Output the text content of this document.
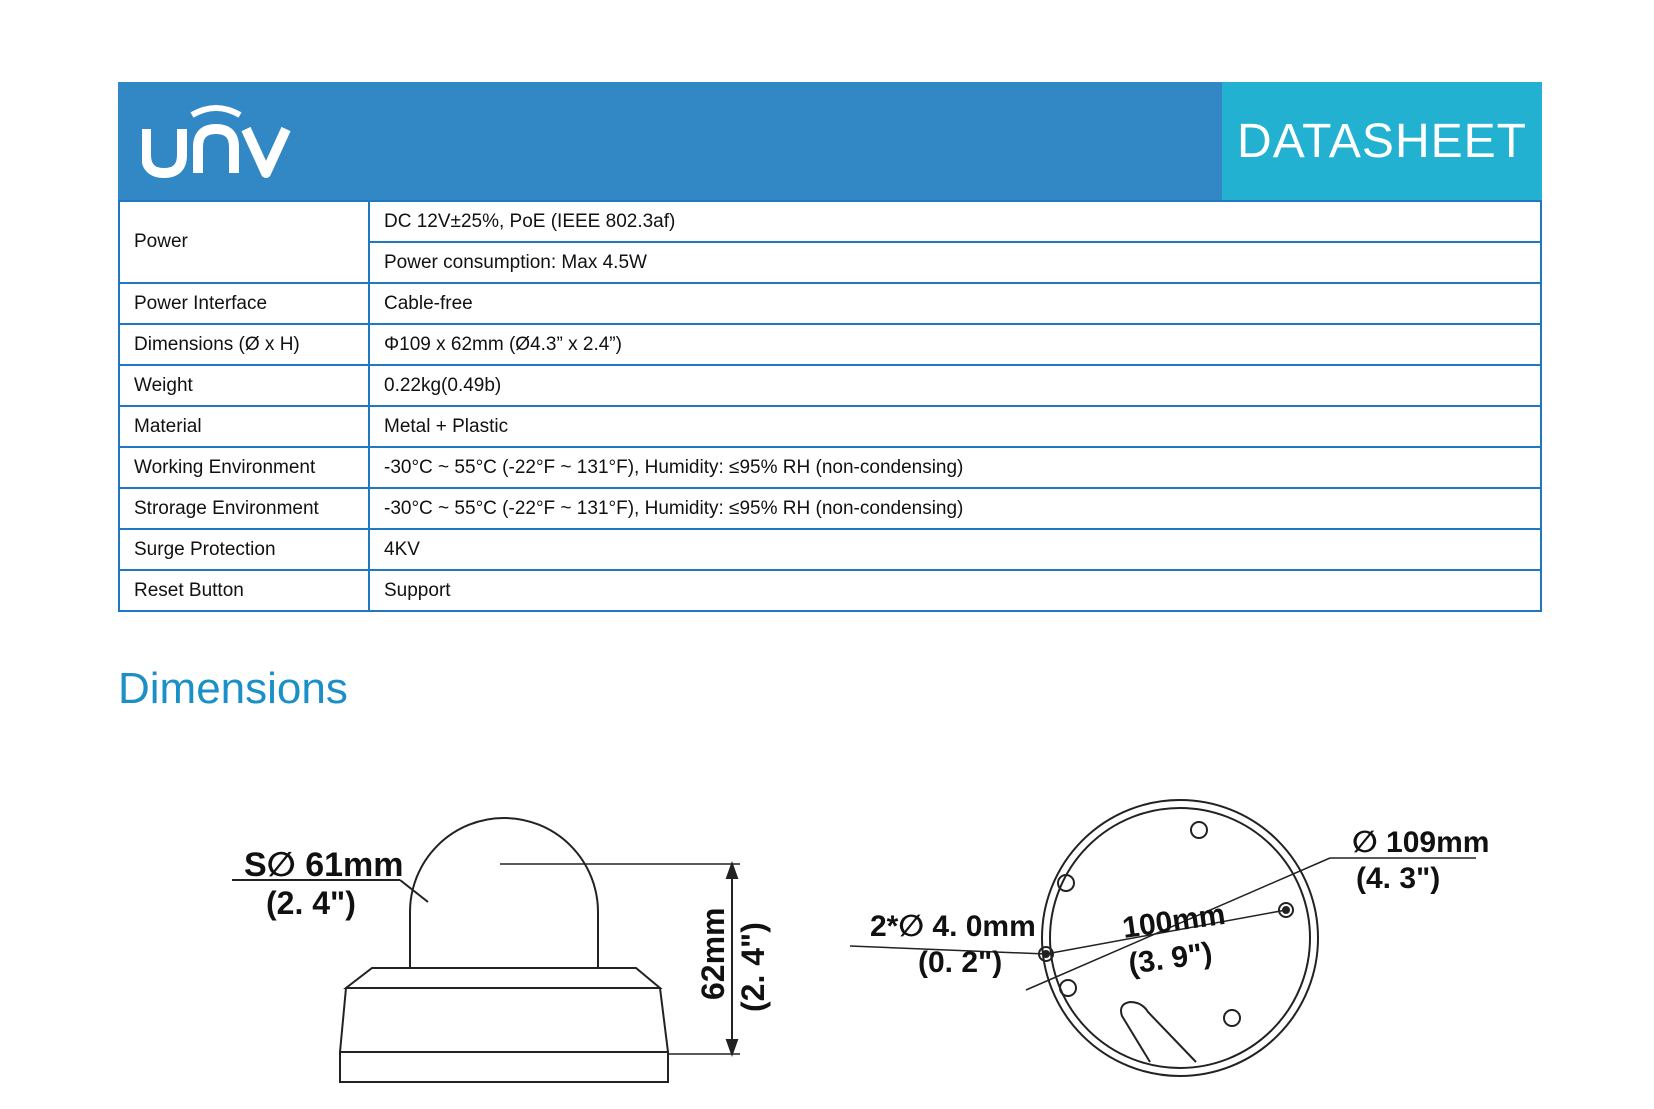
DATASHEET
Power	DC 12V±25%, PoE (IEEE 802.3af)
	Power consumption: Max 4.5W
Power Interface	Cable-free
Dimensions (Ø x H)	Φ109 x 62mm (Ø4.3” x 2.4”)
Weight	0.22kg(0.49b)
Material	Metal + Plastic
Working Environment	-30°C ~ 55°C (-22°F ~ 131°F), Humidity: ≤95% RH (non-condensing)
Strorage Environment	-30°C ~ 55°C (-22°F ~ 131°F), Humidity: ≤95% RH (non-condensing)
Surge Protection	4KV
Reset Button	Support
Dimensions
S∅ 61mm
(2. 4")
62mm (2. 4")
∅ 109mm
(4. 3")
2*∅ 4. 0mm
(0. 2")
100mm
(3. 9")
